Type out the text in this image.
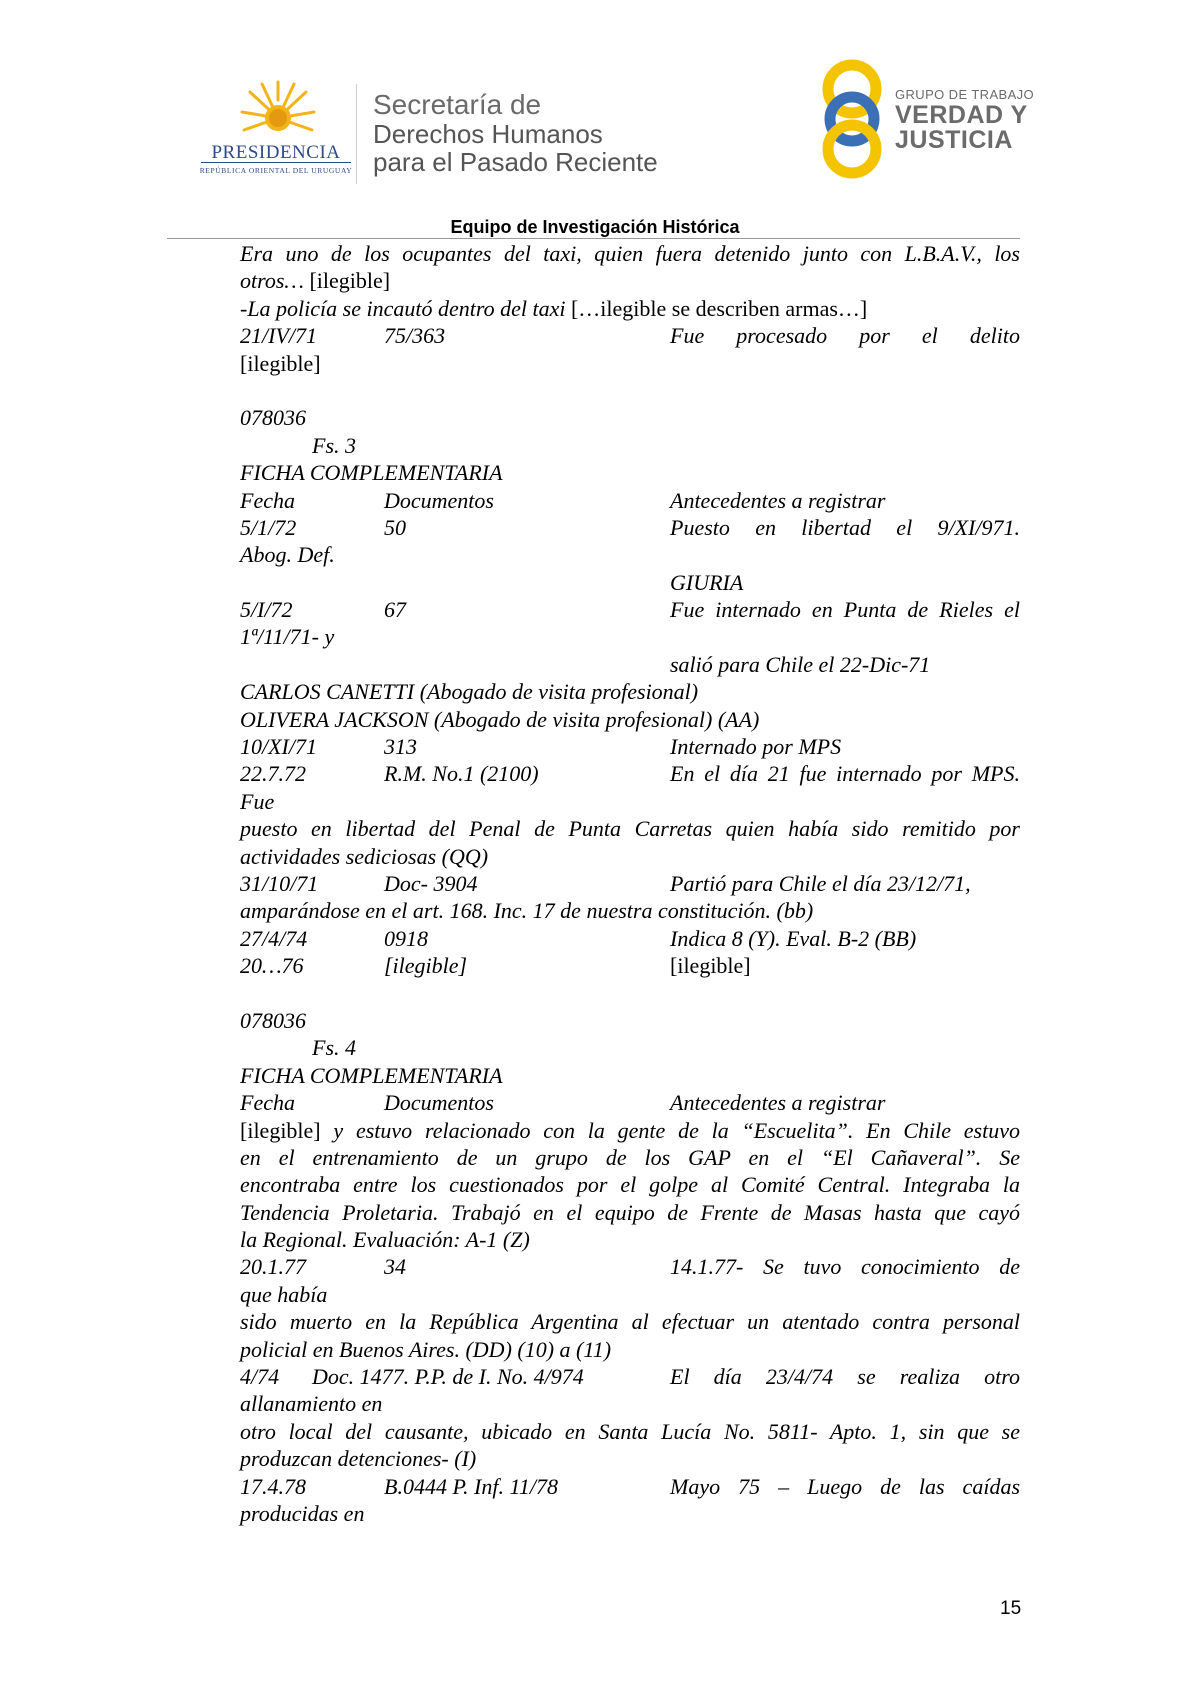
PRESIDENCIA
REPÚBLICA ORIENTAL DEL URUGUAY
Secretaría de
Derechos Humanos
para el Pasado Reciente
GRUPO DE TRABAJO
VERDAD Y
JUSTICIA
Equipo de Investigación Histórica
Era uno de los ocupantes del taxi, quien fuera detenido junto con L.B.A.V., los
otros… [ilegible]
-La policía se incautó dentro del taxi […ilegible se describen armas…]
21/IV/71	75/363	Fue procesado por el delito
[ilegible]
078036
Fs. 3
FICHA COMPLEMENTARIA
Fecha	Documentos	Antecedentes a registrar
5/1/72	50	Puesto en libertad el 9/XI/971.
Abog. Def.
GIURIA
5/I/72	67	Fue internado en Punta de Rieles el
1ª/11/71- y
salió para Chile el 22-Dic-71
CARLOS CANETTI (Abogado de visita profesional)
OLIVERA JACKSON (Abogado de visita profesional) (AA)
10/XI/71	313	Internado por MPS
22.7.72	R.M. No.1 (2100)	En el día 21 fue internado por MPS.
Fue
puesto en libertad del Penal de Punta Carretas quien había sido remitido por
actividades sediciosas (QQ)
31/10/71	Doc- 3904	Partió para Chile el día 23/12/71,
amparándose en el art. 168. Inc. 17 de nuestra constitución. (bb)
27/4/74	0918	Indica 8 (Y). Eval. B-2 (BB)
20…76	[ilegible]	[ilegible]
078036
Fs. 4
FICHA COMPLEMENTARIA
Fecha	Documentos	Antecedentes a registrar
[ilegible] y estuvo relacionado con la gente de la “Escuelita”. En Chile estuvo
en el entrenamiento de un grupo de los GAP en el “El Cañaveral”. Se
encontraba entre los cuestionados por el golpe al Comité Central. Integraba la
Tendencia Proletaria. Trabajó en el equipo de Frente de Masas hasta que cayó
la Regional. Evaluación: A-1 (Z)
20.1.77	34	14.1.77- Se tuvo conocimiento de
que había
sido muerto en la República Argentina al efectuar un atentado contra personal
policial en Buenos Aires. (DD) (10) a (11)
4/74 Doc. 1477. P.P. de I. No. 4/974	El día 23/4/74 se realiza otro
allanamiento en
otro local del causante, ubicado en Santa Lucía No. 5811- Apto. 1, sin que se
produzcan detenciones- (I)
17.4.78	B.0444 P. Inf. 11/78	Mayo 75 – Luego de las caídas
producidas en
15
